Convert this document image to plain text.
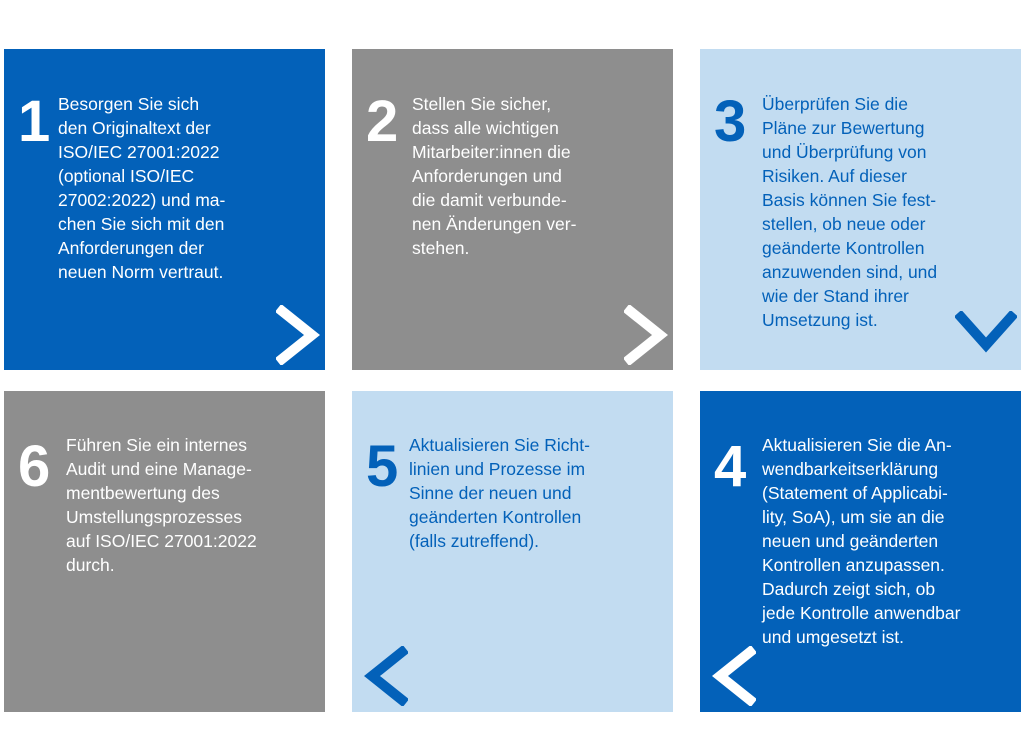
1 Besorgen Sie sich
den Originaltext der
ISO/IEC 27001:2022
(optional ISO/IEC
27002:2022) und ma-
chen Sie sich mit den
Anforderungen der
neuen Norm vertraut.
2 Stellen Sie sicher,
dass alle wichtigen
Mitarbeiter:innen die
Anforderungen und
die damit verbunde-
nen Änderungen ver-
stehen.
3 Überprüfen Sie die
Pläne zur Bewertung
und Überprüfung von
Risiken. Auf dieser
Basis können Sie fest-
stellen, ob neue oder
geänderte Kontrollen
anzuwenden sind, und
wie der Stand ihrer
Umsetzung ist.
6 Führen Sie ein internes
Audit und eine Manage-
mentbewertung des
Umstellungsprozesses
auf ISO/IEC 27001:2022
durch.
5 Aktualisieren Sie Richt-
linien und Prozesse im
Sinne der neuen und
geänderten Kontrollen
(falls zutreffend).
4 Aktualisieren Sie die An-
wendbarkeitserklärung
(Statement of Applicabi-
lity, SoA), um sie an die
neuen und geänderten
Kontrollen anzupassen.
Dadurch zeigt sich, ob
jede Kontrolle anwendbar
und umgesetzt ist.
